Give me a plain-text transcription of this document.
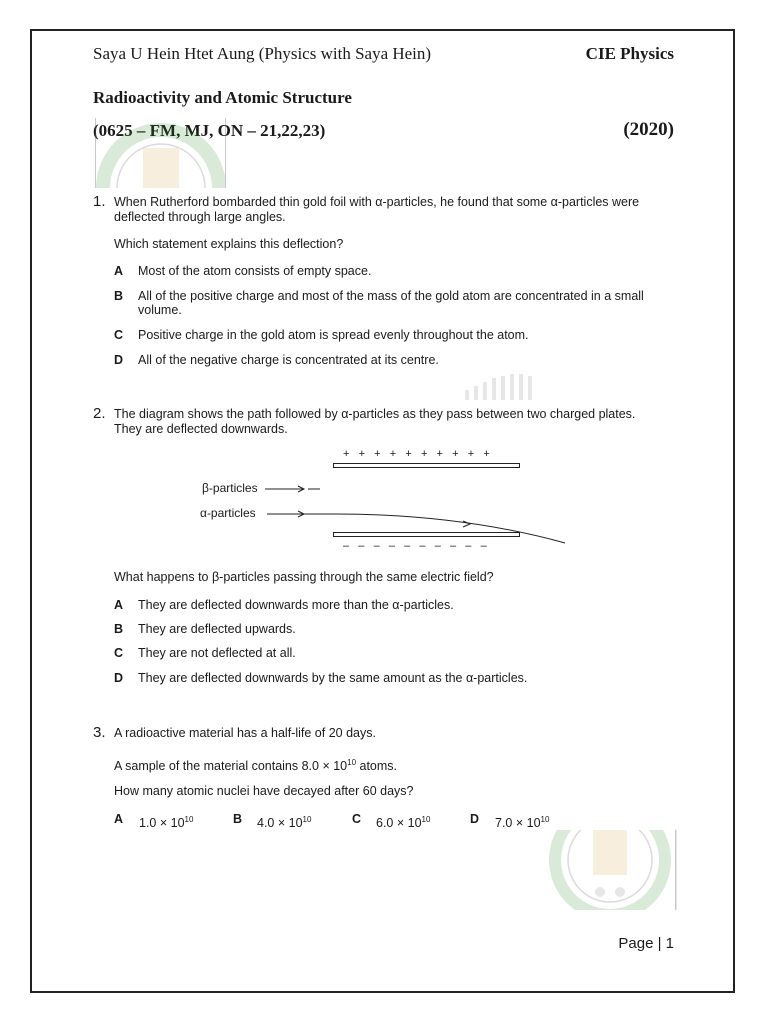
Saya U Hein Htet Aung (Physics with Saya Hein)	CIE Physics
Radioactivity and Atomic Structure
(0625 – FM, MJ, ON – 21,22,23)	(2020)
1. When Rutherford bombarded thin gold foil with α-particles, he found that some α-particles were
deflected through large angles.
Which statement explains this deflection?
A Most of the atom consists of empty space.
B All of the positive charge and most of the mass of the gold atom are concentrated in a small
volume.
C Positive charge in the gold atom is spread evenly throughout the atom.
D All of the negative charge is concentrated at its centre.
2. The diagram shows the path followed by α-particles as they pass between two charged plates.
They are deflected downwards.
+   +   +   +   +   +   +   +   +   +
β-particles
α-particles
–   –   –   –   –   –   –   –   –   –
What happens to β-particles passing through the same electric field?
A They are deflected downwards more than the α-particles.
B They are deflected upwards.
C They are not deflected at all.
D They are deflected downwards by the same amount as the α-particles.
3. A radioactive material has a half-life of 20 days.
A sample of the material contains $8.0 \times 10^{10}$ atoms.
How many atomic nuclei have decayed after 60 days?
A $1.0 \times 10^{10}$	B $4.0 \times 10^{10}$	C $6.0 \times 10^{10}$	D $7.0 \times 10^{10}$
Page | 1
